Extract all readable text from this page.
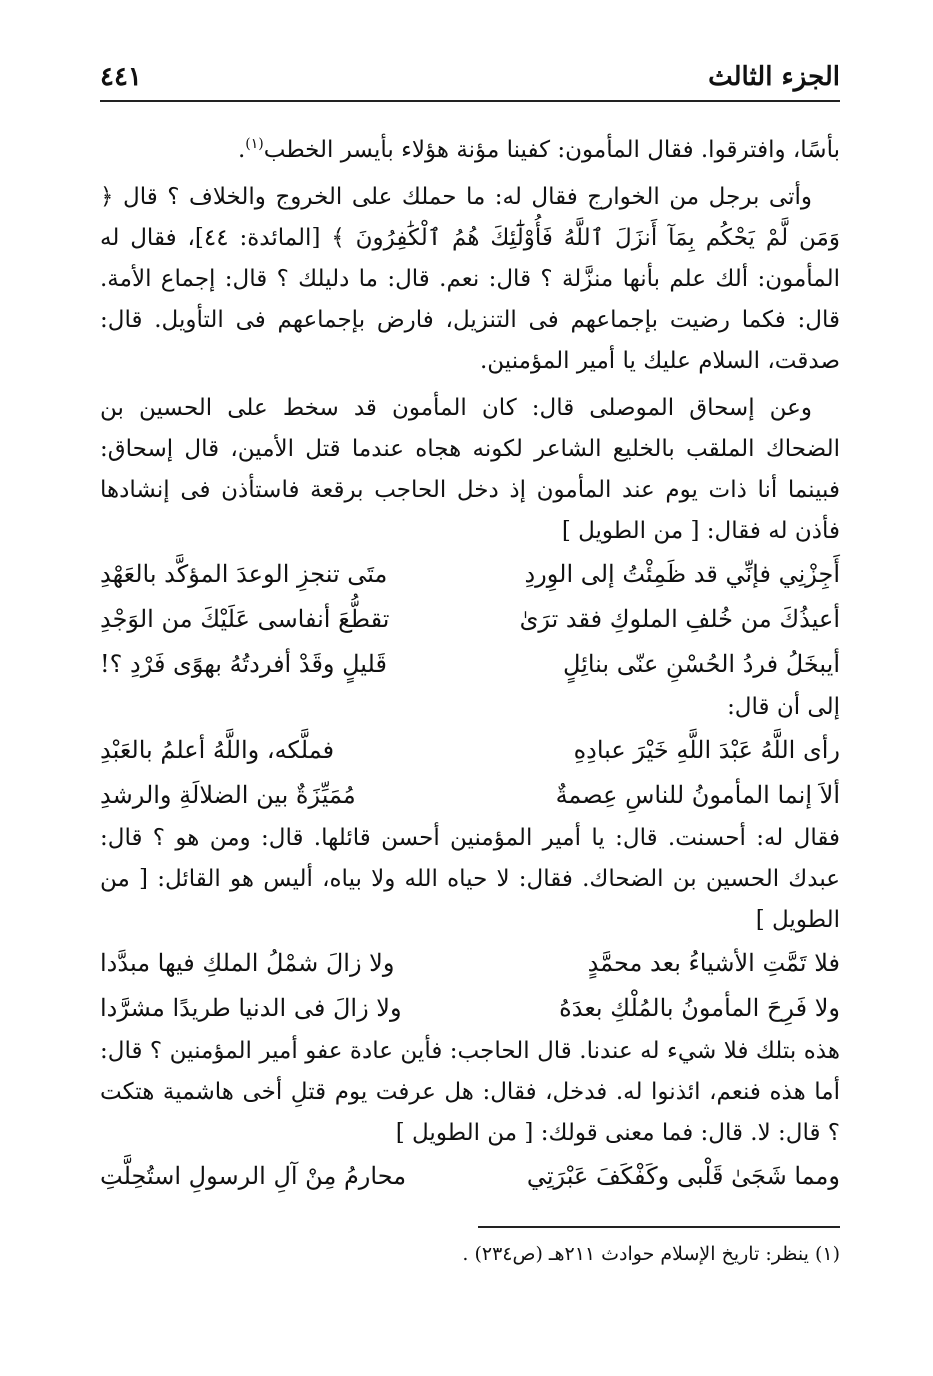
الجزء الثالث
٤٤١

بأسًا، وافترقوا. فقال المأمون: كفينا مؤنة هؤلاء بأيسر الخطب$^{(١)}$.

وأتى برجل من الخوارج فقال له: ما حملك على الخروج والخلاف ؟ قال ﴿ وَمَن لَّمْ يَحْكُم بِمَآ أَنزَلَ ٱللَّهُ فَأُوْلَٰٓئِكَ هُمُ ٱلْكَٰفِرُونَ ﴾ [المائدة: ٤٤]، فقال له المأمون: ألك علم بأنها منزَّلة ؟ قال: نعم. قال: ما دليلك ؟ قال: إجماع الأمة. قال: فكما رضيت بإجماعهم فى التنزيل، فارض بإجماعهم فى التأويل. قال: صدقت، السلام عليك يا أمير المؤمنين.

وعن إسحاق الموصلى قال: كان المأمون قد سخط على الحسين بن الضحاك الملقب بالخليع الشاعر لكونه هجاه عندما قتل الأمين، قال إسحاق: فبينما أنا ذات يوم عند المأمون إذ دخل الحاجب برقعة فاستأذن فى إنشادها فأذن له فقال: [ من الطويل ]

أَجِزْنِي فإنِّي قد ظَمِئْتُ إلى الوِردِ
متَى تنجزِ الوعدَ المؤكَّد بالعَهْدِ
أعيذُكَ من خُلفِ الملوكِ فقد ترَىٰ
تقطُّعَ أنفاسى عَلَيْكَ من الوَجْدِ
أيبخَلُ فردُ الحُسْنِ عنّى بنائِلٍ
قَليلٍ وقَدْ أفردتُهُ بهوًى فَرْدِ ؟!

إلى أن قال:

رأى اللَّهُ عَبْدَ اللَّهِ خَيْرَ عبادِهِ
فملَّكه، واللَّهُ أعلمُ بالعَبْدِ
ألاَ إنما المأمونُ للناسِ عِصمةٌ
مُمَيِّزَةٌ بين الضلالَةِ والرشدِ

فقال له: أحسنت. قال: يا أمير المؤمنين أحسن قائلها. قال: ومن هو ؟ قال: عبدك الحسين بن الضحاك. فقال: لا حياه الله ولا بياه، أليس هو القائل: [ من الطويل ]

فلا تَمَّتِ الأشياءُ بعد محمَّدٍ
ولا زالَ شمْلُ الملكِ فيها مبدَّدا
ولا فَرِحَ المأمونُ بالمُلْكِ بعدَهُ
ولا زالَ فى الدنيا طريدًا مشرَّدا

هذه بتلك فلا شيء له عندنا. قال الحاجب: فأين عادة عفو أمير المؤمنين ؟ قال: أما هذه فنعم، ائذنوا له. فدخل، فقال: هل عرفت يوم قتلِ أخى هاشمية هتكت ؟ قال: لا. قال: فما معنى قولك: [ من الطويل ]

ومما شَجَىٰ قَلْبى وكَفْكَفَ عَبْرَتِي
محارمُ مِنْ آلِ الرسولِ استُحِلَّتِ
(١) ينظر: تاريخ الإسلام حوادث ٢١١هـ (ص٢٣٤) .
